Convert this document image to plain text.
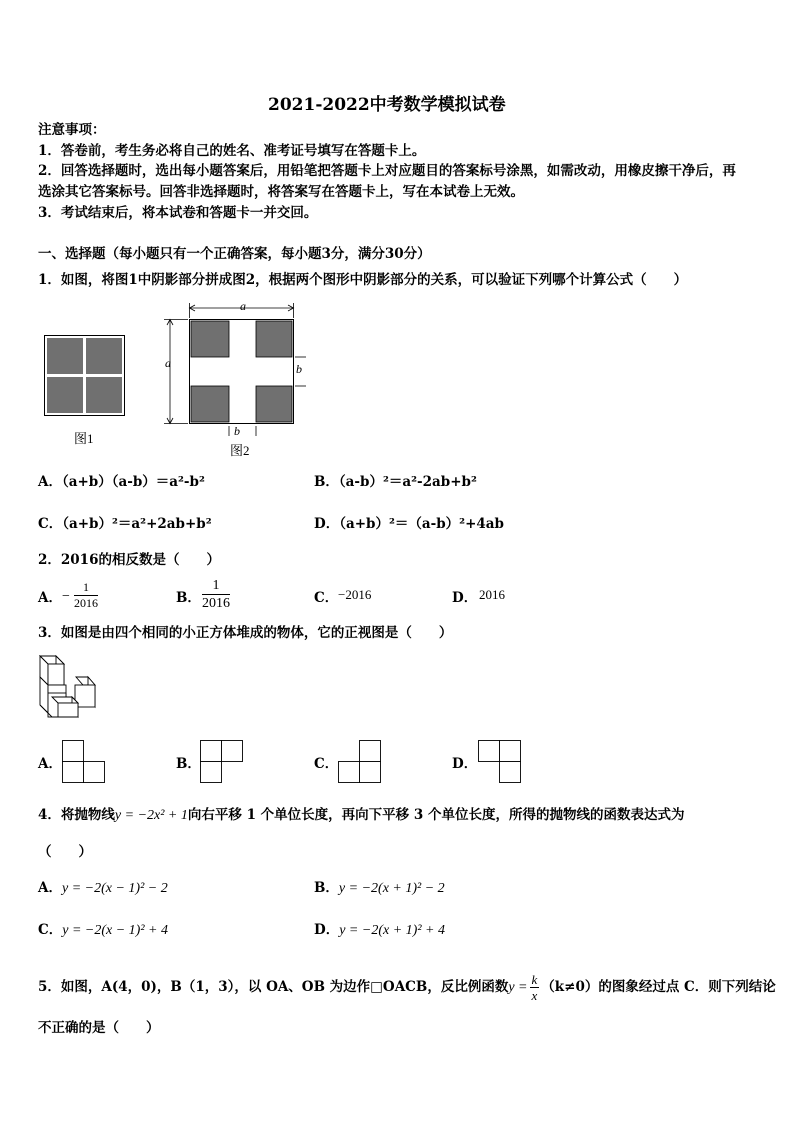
2021-2022中考数学模拟试卷
注意事项：
1．答卷前，考生务必将自己的姓名、准考证号填写在答题卡上。
2．回答选择题时，选出每小题答案后，用铅笔把答题卡上对应题目的答案标号涂黑，如需改动，用橡皮擦干净后，再
选涂其它答案标号。回答非选择题时，将答案写在答题卡上，写在本试卷上无效。
3．考试结束后，将本试卷和答题卡一并交回。
一、选择题（每小题只有一个正确答案，每小题3分，满分30分）
1．如图，将图1中阴影部分拼成图2，根据两个图形中阴影部分的关系，可以验证下列哪个计算公式（　　）
图1
a
a	b
b
图2
A．（a+b）（a-b）＝a²-b²	B．（a-b）²＝a²-2ab+b²
C．（a+b）²＝a²+2ab+b²	D．（a+b）²＝（a-b）²+4ab
2．2016的相反数是（　　）
A． − $\frac{1}{2016}$	B． $\frac{1}{2016}$	C． −2016	D． 2016
3．如图是由四个相同的小正方体堆成的物体，它的正视图是（　　）
A．	B．	C．	D．
4．将抛物线y = −2x² + 1向右平移 1 个单位长度，再向下平移 3 个单位长度，所得的抛物线的函数表达式为
（　　）
A．y = −2(x − 1)² − 2	B．y = −2(x + 1)² − 2
C．y = −2(x − 1)² + 4	D．y = −2(x + 1)² + 4
5．如图，A(4，0)，B（1，3），以 OA、OB 为边作□OACB，反比例函数$y = \frac{k}{x} (k\ne 0)$的图象经过点 C．则下列结论
不正确的是（　　）
